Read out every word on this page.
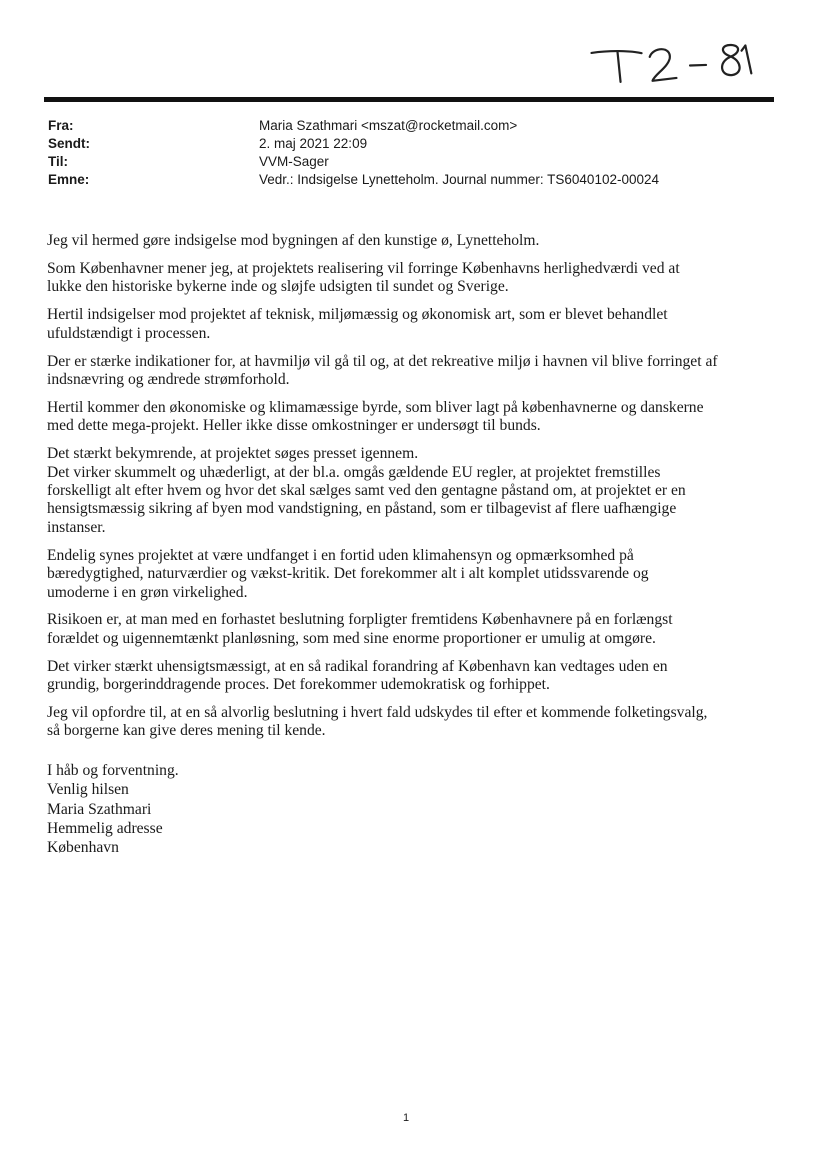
Fra:	Maria Szathmari <mszat@rocketmail.com>
Sendt:	2. maj 2021 22:09
Til:	VVM-Sager
Emne:	Vedr.: Indsigelse Lynetteholm. Journal nummer: TS6040102-00024

Jeg vil hermed gøre indsigelse mod bygningen af den kunstige ø, Lynetteholm.

Som Københavner mener jeg, at projektets realisering vil forringe Københavns herlighedværdi ved at
lukke den historiske bykerne inde og sløjfe udsigten til sundet og Sverige.

Hertil indsigelser mod projektet af teknisk, miljømæssig og økonomisk art, som er blevet behandlet
ufuldstændigt i processen.

Der er stærke indikationer for, at havmiljø vil gå til og, at det rekreative miljø i havnen vil blive forringet af
indsnævring og ændrede strømforhold.

Hertil kommer den økonomiske og klimamæssige byrde, som bliver lagt på københavnerne og danskerne
med dette mega-projekt. Heller ikke disse omkostninger er undersøgt til bunds.

Det stærkt bekymrende, at projektet søges presset igennem.
Det virker skummelt og uhæderligt, at der bl.a. omgås gældende EU regler, at projektet fremstilles
forskelligt alt efter hvem og hvor det skal sælges samt ved den gentagne påstand om, at projektet er en
hensigtsmæssig sikring af byen mod vandstigning, en påstand, som er tilbagevist af flere uafhængige
instanser.

Endelig synes projektet at være undfanget i en fortid uden klimahensyn og opmærksomhed på
bæredygtighed, naturværdier og vækst-kritik. Det forekommer alt i alt komplet utidssvarende og
umoderne i en grøn virkelighed.

Risikoen er, at man med en forhastet beslutning forpligter fremtidens Københavnere på en forlængst
forældet og uigennemtænkt planløsning, som med sine enorme proportioner er umulig at omgøre.

Det virker stærkt uhensigtsmæssigt, at en så radikal forandring af København kan vedtages uden en
grundig, borgerinddragende proces. Det forekommer udemokratisk og forhippet.

Jeg vil opfordre til, at en så alvorlig beslutning i hvert fald udskydes til efter et kommende folketingsvalg,
så borgerne kan give deres mening til kende.

I håb og forventning.
Venlig hilsen
Maria Szathmari
Hemmelig adresse
København
1
